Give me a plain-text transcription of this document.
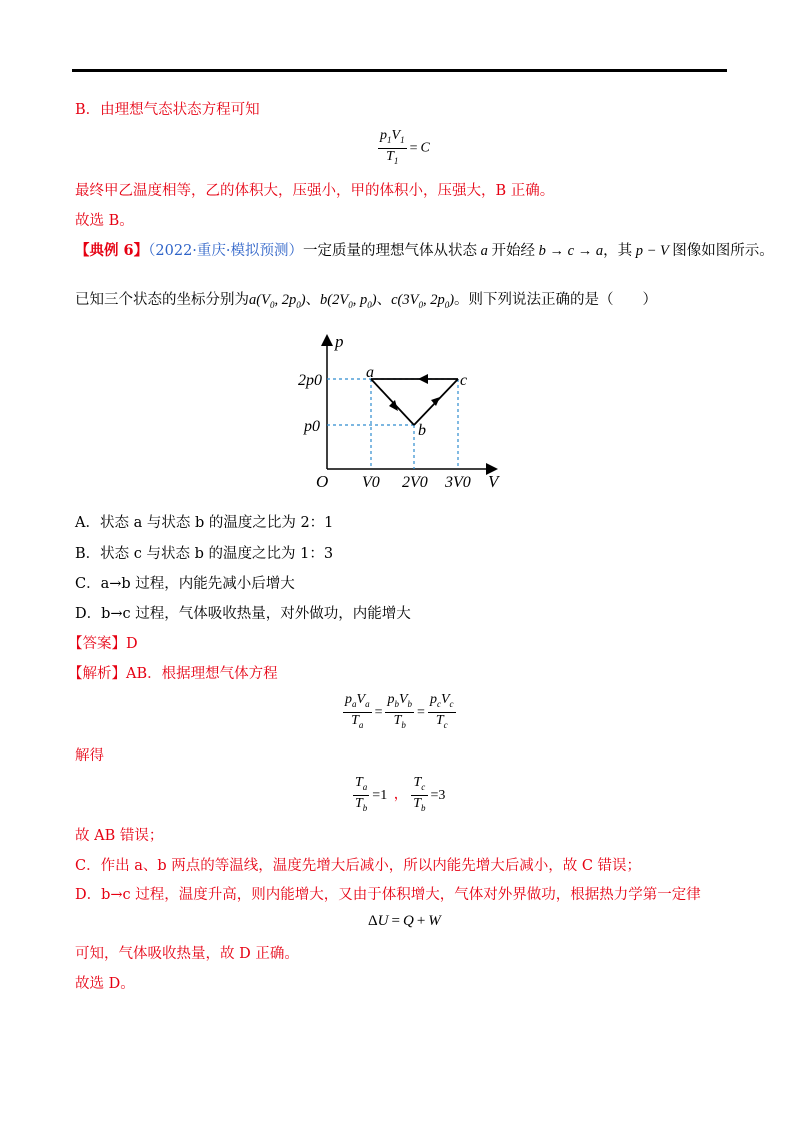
B．由理想气态状态方程可知
$\frac{p_1V_1}{T_1} = C$
最终甲乙温度相等，乙的体积大，压强小，甲的体积小，压强大，B 正确。
故选 B。
【典例 6】（2022·重庆·模拟预测）一定质量的理想气体从状态 a 开始经 b → c → a，其 p − V 图像如图所示。
已知三个状态的坐标分别为$a(V_0$, $2p_0$)、$b(2V_0$, $p_0$)、$c(3V_0$, $2p_0$)。则下列说法正确的是（　　）
p
V
O
a
b
c
2p0
p0
V0 2V0 3V0
A．状态 a 与状态 b 的温度之比为 2：1
B．状态 c 与状态 b 的温度之比为 1：3
C．a→b 过程，内能先减小后增大
D．b→c 过程，气体吸收热量，对外做功，内能增大
【答案】D
【解析】AB．根据理想气体方程
$\frac{p_aV_a}{T_a} = \frac{p_bV_b}{T_b} = \frac{p_cV_c}{T_c}$
解得
$\frac{T_a}{T_b} =1$ ， $\frac{T_c}{T_b} =3$
故 AB 错误；
C．作出 a、b 两点的等温线，温度先增大后减小，所以内能先增大后减小，故 C 错误；
D．b→c 过程，温度升高，则内能增大，又由于体积增大，气体对外界做功，根据热力学第一定律
ΔU = Q + W
可知，气体吸收热量，故 D 正确。
故选 D。
